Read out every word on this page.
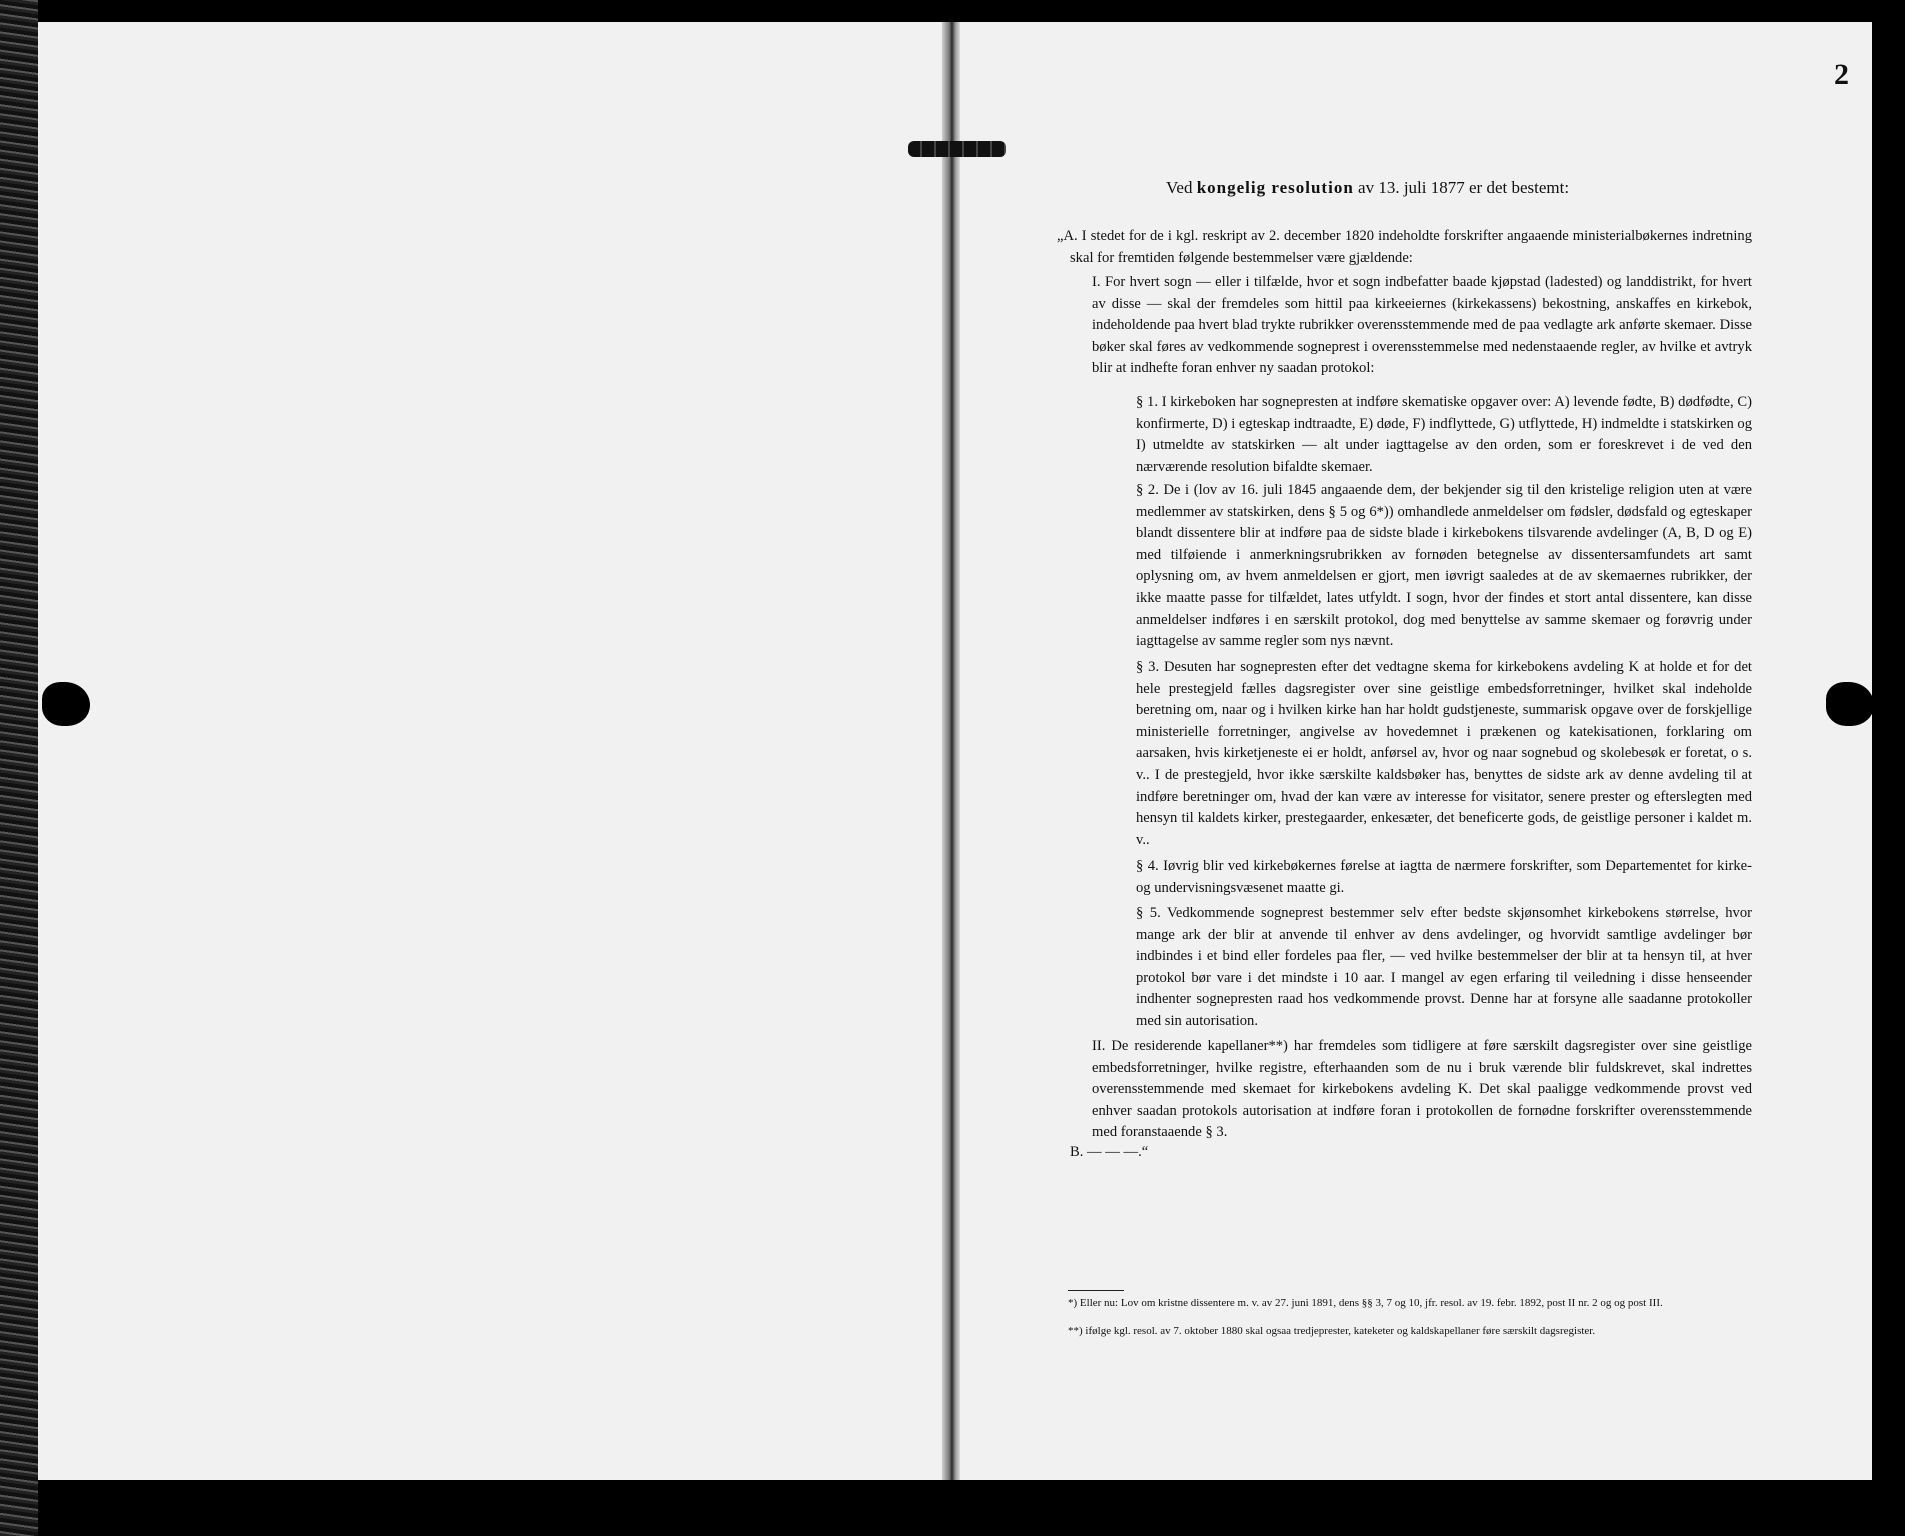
2
Ved kongelig resolution av 13. juli 1877 er det bestemt:

„A. I stedet for de i kgl. reskript av 2. december 1820 indeholdte forskrifter angaaende ministerialbøkernes indretning skal for fremtiden følgende bestemmelser være gjældende:

I. For hvert sogn — eller i tilfælde, hvor et sogn indbefatter baade kjøpstad (ladested) og landdistrikt, for hvert av disse — skal der fremdeles som hittil paa kirkeeiernes (kirkekassens) bekostning, anskaffes en kirkebok, indeholdende paa hvert blad trykte rubrikker overensstemmende med de paa vedlagte ark anførte skemaer. Disse bøker skal føres av vedkommende sogneprest i overensstemmelse med nedenstaaende regler, av hvilke et avtryk blir at indhefte foran enhver ny saadan protokol:

§ 1. I kirkeboken har sognepresten at indføre skematiske opgaver over: A) levende fødte, B) dødfødte, C) konfirmerte, D) i egteskap indtraadte, E) døde, F) indflyttede, G) utflyttede, H) indmeldte i statskirken og I) utmeldte av statskirken — alt under iagttagelse av den orden, som er foreskrevet i de ved den nærværende resolution bifaldte skemaer.

§ 2. De i (lov av 16. juli 1845 angaaende dem, der bekjender sig til den kristelige religion uten at være medlemmer av statskirken, dens § 5 og 6*)) omhandlede anmeldelser om fødsler, dødsfald og egteskaper blandt dissentere blir at indføre paa de sidste blade i kirkebokens tilsvarende avdelinger (A, B, D og E) med tilføiende i anmerkningsrubrikken av fornøden betegnelse av dissentersamfundets art samt oplysning om, av hvem anmeldelsen er gjort, men iøvrigt saaledes at de av skemaernes rubrikker, der ikke maatte passe for tilfældet, lates utfyldt. I sogn, hvor der findes et stort antal dissentere, kan disse anmeldelser indføres i en særskilt protokol, dog med benyttelse av samme skemaer og forøvrig under iagttagelse av samme regler som nys nævnt.

§ 3. Desuten har sognepresten efter det vedtagne skema for kirkebokens avdeling K at holde et for det hele prestegjeld fælles dagsregister over sine geistlige embedsforretninger, hvilket skal indeholde beretning om, naar og i hvilken kirke han har holdt gudstjeneste, summarisk opgave over de forskjellige ministerielle forretninger, angivelse av hovedemnet i prækenen og katekisationen, forklaring om aarsaken, hvis kirketjeneste ei er holdt, anførsel av, hvor og naar sognebud og skolebesøk er foretat, o s. v.. I de prestegjeld, hvor ikke særskilte kaldsbøker has, benyttes de sidste ark av denne avdeling til at indføre beretninger om, hvad der kan være av interesse for visitator, senere prester og efterslegten med hensyn til kaldets kirker, prestegaarder, enkesæter, det beneficerte gods, de geistlige personer i kaldet m. v..

§ 4. Iøvrig blir ved kirkebøkernes førelse at iagtta de nærmere forskrifter, som Departementet for kirke- og undervisningsvæsenet maatte gi.

§ 5. Vedkommende sogneprest bestemmer selv efter bedste skjønsomhet kirkebokens størrelse, hvor mange ark der blir at anvende til enhver av dens avdelinger, og hvorvidt samtlige avdelinger bør indbindes i et bind eller fordeles paa fler, — ved hvilke bestemmelser der blir at ta hensyn til, at hver protokol bør vare i det mindste i 10 aar. I mangel av egen erfaring til veiledning i disse henseender indhenter sognepresten raad hos vedkommende provst. Denne har at forsyne alle saadanne protokoller med sin autorisation.

II. De residerende kapellaner**) har fremdeles som tidligere at føre særskilt dagsregister over sine geistlige embedsforretninger, hvilke registre, efterhaanden som de nu i bruk værende blir fuldskrevet, skal indrettes overensstemmende med skemaet for kirkebokens avdeling K. Det skal paaligge vedkommende provst ved enhver saadan protokols autorisation at indføre foran i protokollen de fornødne forskrifter overensstemmende med foranstaaende § 3.

B. — — —.“

*) Eller nu: Lov om kristne dissentere m. v. av 27. juni 1891, dens §§ 3, 7 og 10, jfr. resol. av 19. febr. 1892, post II nr. 2 og og post III.

**) ifølge kgl. resol. av 7. oktober 1880 skal ogsaa tredjeprester, kateketer og kaldskapellaner føre særskilt dagsregister.
